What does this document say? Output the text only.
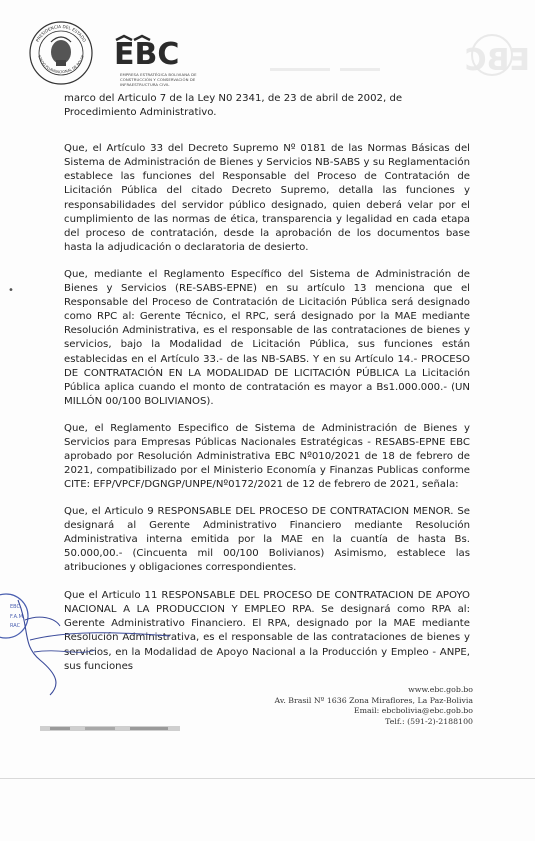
PRESIDENCIA DEL ESTADO
STADO PLURINACIONAL DE BOLIVI EBC
EMPRESA ESTRATÉGICA BOLIVIANA DE CONSTRUCCIÓN Y CONSERVACIÓN DE INFRAESTRUCTURA CIVIL
EBC
•

marco del Articulo 7 de la Ley N0 2341, de 23 de abril de 2002, de Procedimiento Administrativo.

Que, el Artículo 33 del Decreto Supremo Nº 0181 de las Normas Básicas del Sistema de Administración de Bienes y Servicios NB-SABS y su Reglamentación establece las funciones del Responsable del Proceso de Contratación de Licitación Pública del citado Decreto Supremo, detalla las funciones y responsabilidades del servidor público designado, quien deberá velar por el cumplimiento de las normas de ética, transparencia y legalidad en cada etapa del proceso de contratación, desde la aprobación de los documentos base hasta la adjudicación o declaratoria de desierto.

Que, mediante el Reglamento Específico del Sistema de Administración de Bienes y Servicios (RE-SABS-EPNE) en su artículo 13 menciona que el Responsable del Proceso de Contratación de Licitación Pública será designado como RPC al: Gerente Técnico, el RPC, será designado por la MAE mediante Resolución Administrativa, es el responsable de las contrataciones de bienes y servicios, bajo la Modalidad de Licitación Pública, sus funciones están establecidas en el Artículo 33.- de las NB-SABS. Y en su Artículo 14.- PROCESO DE CONTRATACIÓN EN LA MODALIDAD DE LICITACIÓN PÚBLICA La Licitación Pública aplica cuando el monto de contratación es mayor a Bs1.000.000.- (UN MILLÓN 00/100 BOLIVIANOS).

Que, el Reglamento Especifico de Sistema de Administración de Bienes y Servicios para Empresas Públicas Nacionales Estratégicas - RESABS-EPNE EBC aprobado por Resolución Administrativa EBC Nº010/2021 de 18 de febrero de 2021, compatibilizado por el Ministerio Economía y Finanzas Publicas conforme CITE: EFP/VPCF/DGNGP/UNPE/Nº0172/2021 de 12 de febrero de 2021, señala:

Que, el Articulo 9 RESPONSABLE DEL PROCESO DE CONTRATACION MENOR. Se designará al Gerente Administrativo Financiero mediante Resolución Administrativa interna emitida por la MAE en la cuantía de hasta Bs. 50.000,00.- (Cincuenta mil 00/100 Bolivianos) Asimismo, establece las atribuciones y obligaciones correspondientes.

Que el Articulo 11 RESPONSABLE DEL PROCESO DE CONTRATACION DE APOYO NACIONAL A LA PRODUCCION Y EMPLEO RPA. Se designará como RPA al: Gerente Administrativo Financiero. El RPA, designado por la MAE mediante Resolución Administrativa, es el responsable de las contrataciones de bienes y servicios, en la Modalidad de Apoyo Nacional a la Producción y Empleo - ANPE, sus funciones

EBC
F.A.M.
RAC
www.ebc.gob.bo
Av. Brasil Nº 1636 Zona Miraflores, La Paz-Bolivia
Email: ebcbolivia@ebc.gob.bo
Telf.: (591-2)-2188100
